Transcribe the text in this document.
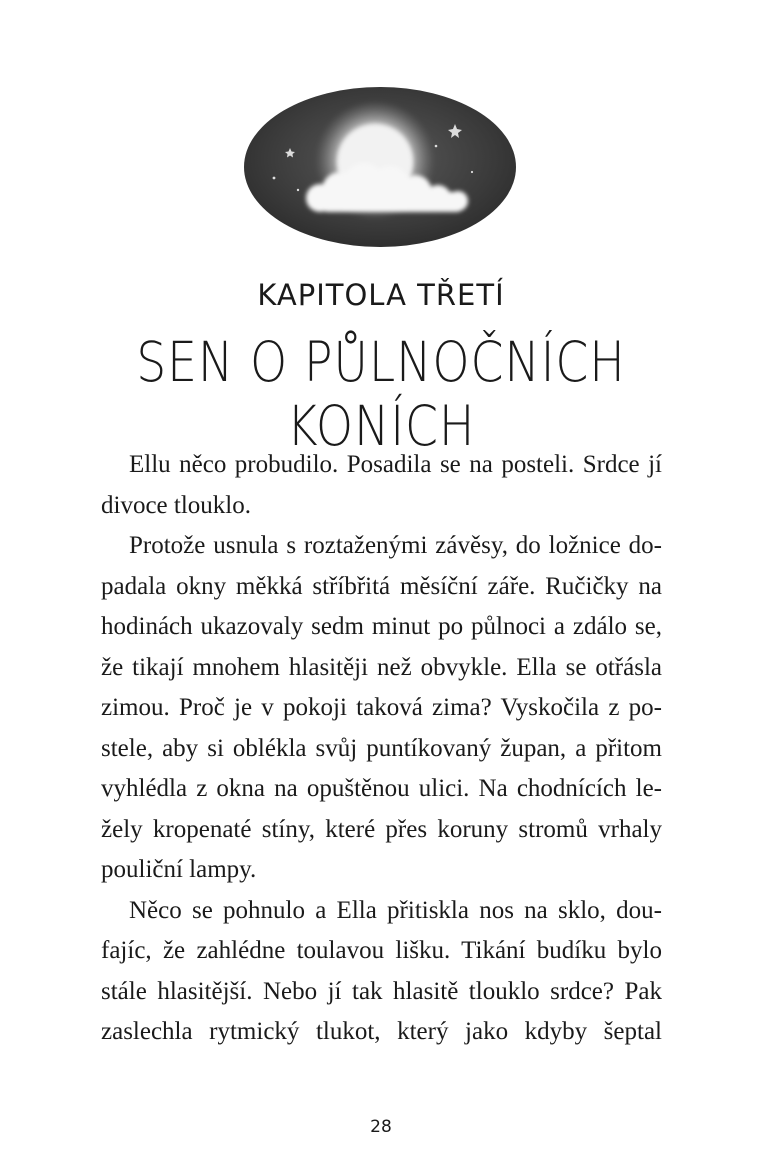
KAPITOLA TŘETÍ
SEN O PŮLNOČNÍCH KONÍCH
Ellu něco probudilo. Posadila se na posteli. Srdce jí
divoce tlouklo.
Protože usnula s roztaženými závěsy, do ložnice do-
padala okny měkká stříbřitá měsíční záře. Ručičky na
hodinách ukazovaly sedm minut po půlnoci a zdálo se,
že tikají mnohem hlasitěji než obvykle. Ella se otřásla
zimou. Proč je v pokoji taková zima? Vyskočila z po-
stele, aby si oblékla svůj puntíkovaný župan, a přitom
vyhlédla z okna na opuštěnou ulici. Na chodnících le-
žely kropenaté stíny, které přes koruny stromů vrhaly
pouliční lampy.
Něco se pohnulo a Ella přitiskla nos na sklo, dou-
fajíc, že zahlédne toulavou lišku. Tikání budíku bylo
stále hlasitější. Nebo jí tak hlasitě tlouklo srdce? Pak
zaslechla rytmický tlukot, který jako kdyby šeptal
28
